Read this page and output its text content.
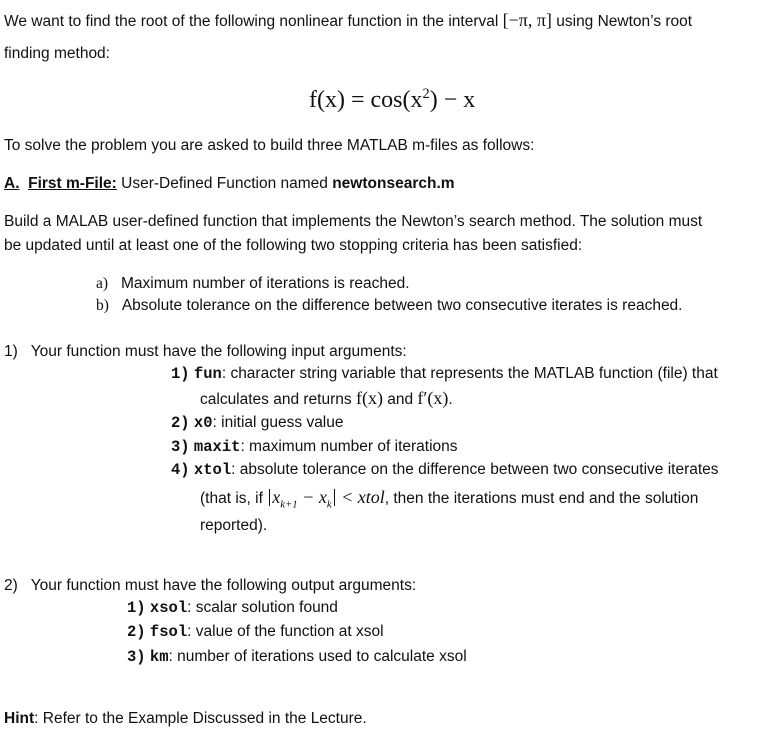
We want to find the root of the following nonlinear function in the interval [−π, π] using Newton’s root
finding method:
$f(x) = \cos(x^2) - x$
To solve the problem you are asked to build three MATLAB m-files as follows:
A. First m-File: User-Defined Function named newtonsearch.m
Build a MALAB user-defined function that implements the Newton’s search method. The solution must
be updated until at least one of the following two stopping criteria has been satisfied:
a) Maximum number of iterations is reached.
b) Absolute tolerance on the difference between two consecutive iterates is reached.
1) Your function must have the following input arguments:
1) fun: character string variable that represents the MATLAB function (file) that
calculates and returns f(x) and f′(x).
2) x0: initial guess value
3) maxit: maximum number of iterations
4) xtol: absolute tolerance on the difference between two consecutive iterates
(that is, if $x_{k+1} - x_k$ < xtol, then the iterations must end and the solution
reported).
2) Your function must have the following output arguments:
1) xsol: scalar solution found
2) fsol: value of the function at xsol
3) km: number of iterations used to calculate xsol
Hint: Refer to the Example Discussed in the Lecture.
